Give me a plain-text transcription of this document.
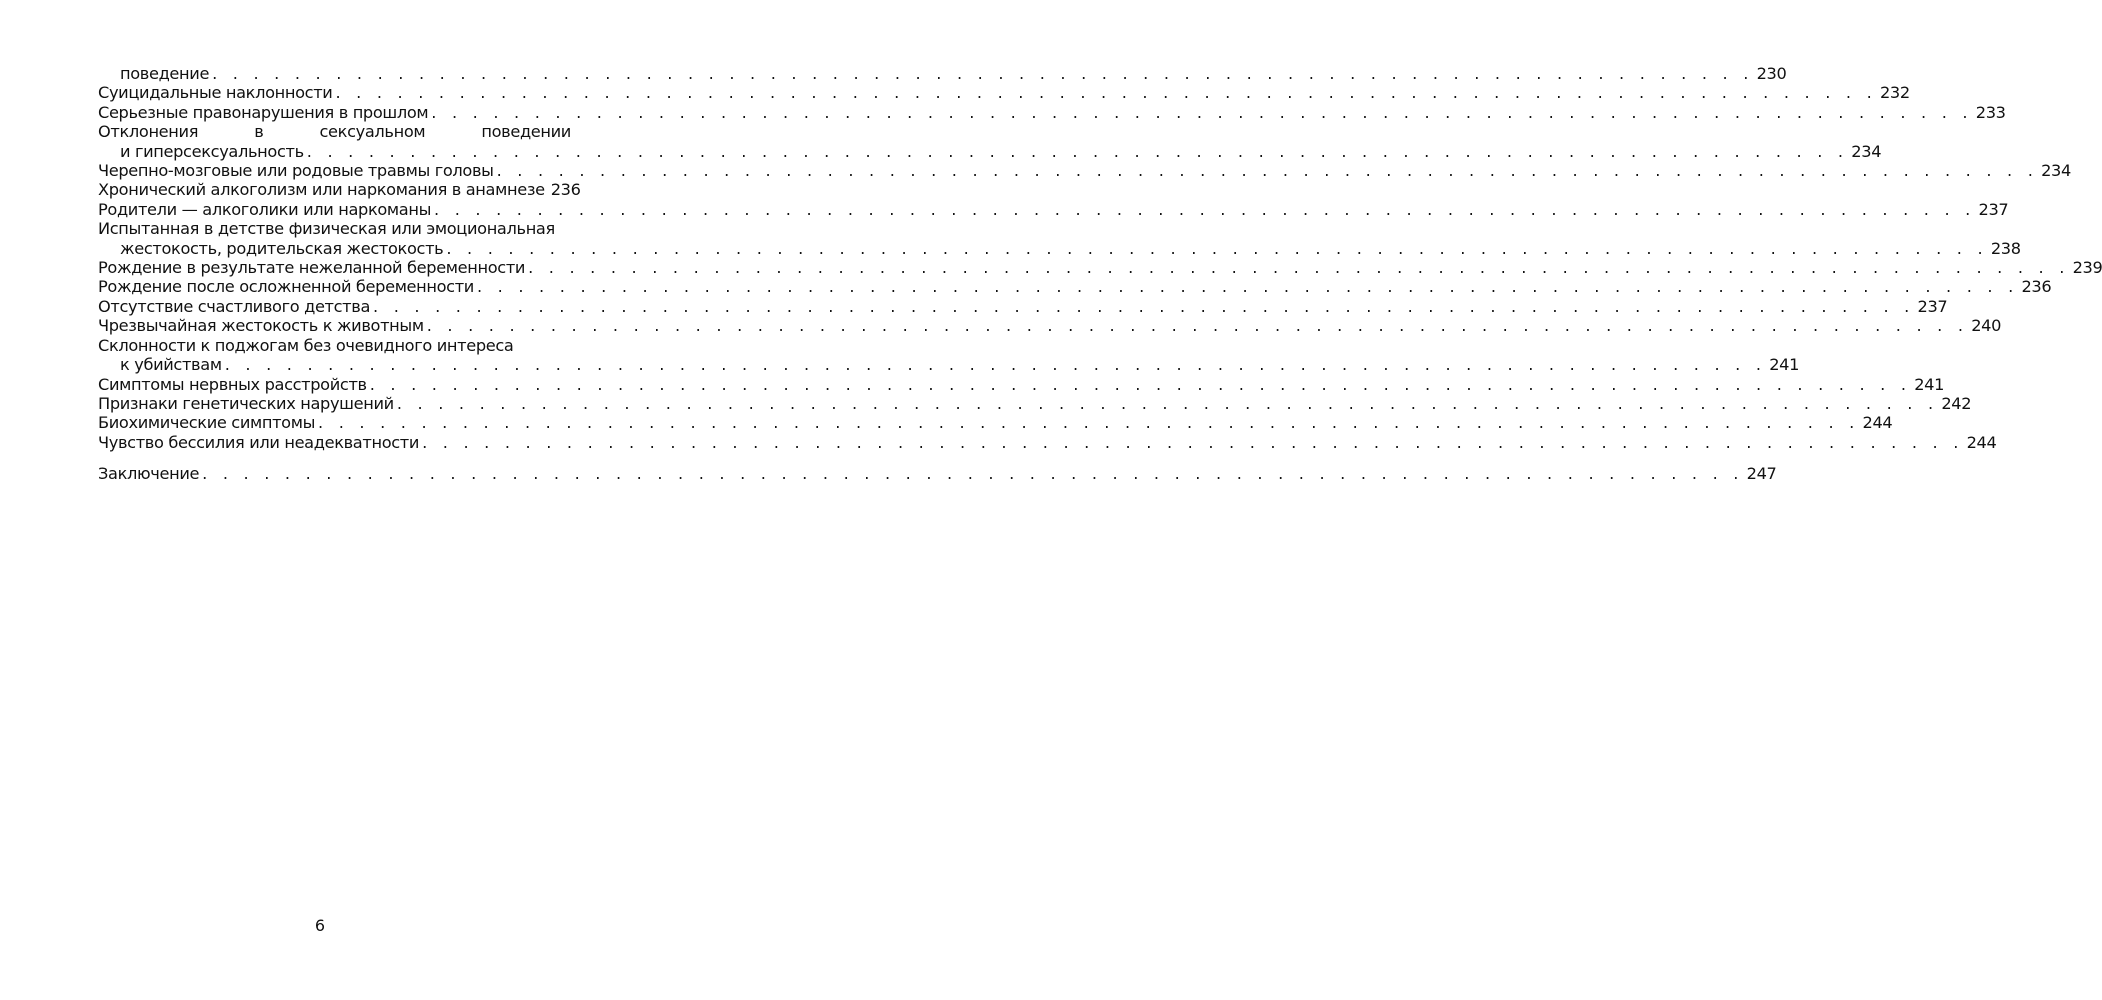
поведение . . .	230
Суицидальные наклонности . . .	232
Серьезные правонарушения в прошлом . . .	233
Отклонения	в	сексуальном	поведении
и гиперсексуальность . . .	234
Черепно-мозговые или родовые травмы головы . . .	234
Хронический алкоголизм или наркомания в анамнезе 236
Родители — алкоголики или наркоманы . . .	237
Испытанная в детстве физическая или эмоциональная
жестокость, родительская жестокость . . .	238
Рождение в результате нежеланной беременности . . .	239
Рождение после осложненной беременности . . .	236
Отсутствие счастливого детства . . .	237
Чрезвычайная жестокость к животным . . .	240
Склонности к поджогам без очевидного интереса
к убийствам . . .	241
Симптомы нервных расстройств . . .	241
Признаки генетических нарушений . . .	242
Биохимические симптомы . . .	244
Чувство бессилия или неадекватности . . .	244
Заключение . . .	247
6
